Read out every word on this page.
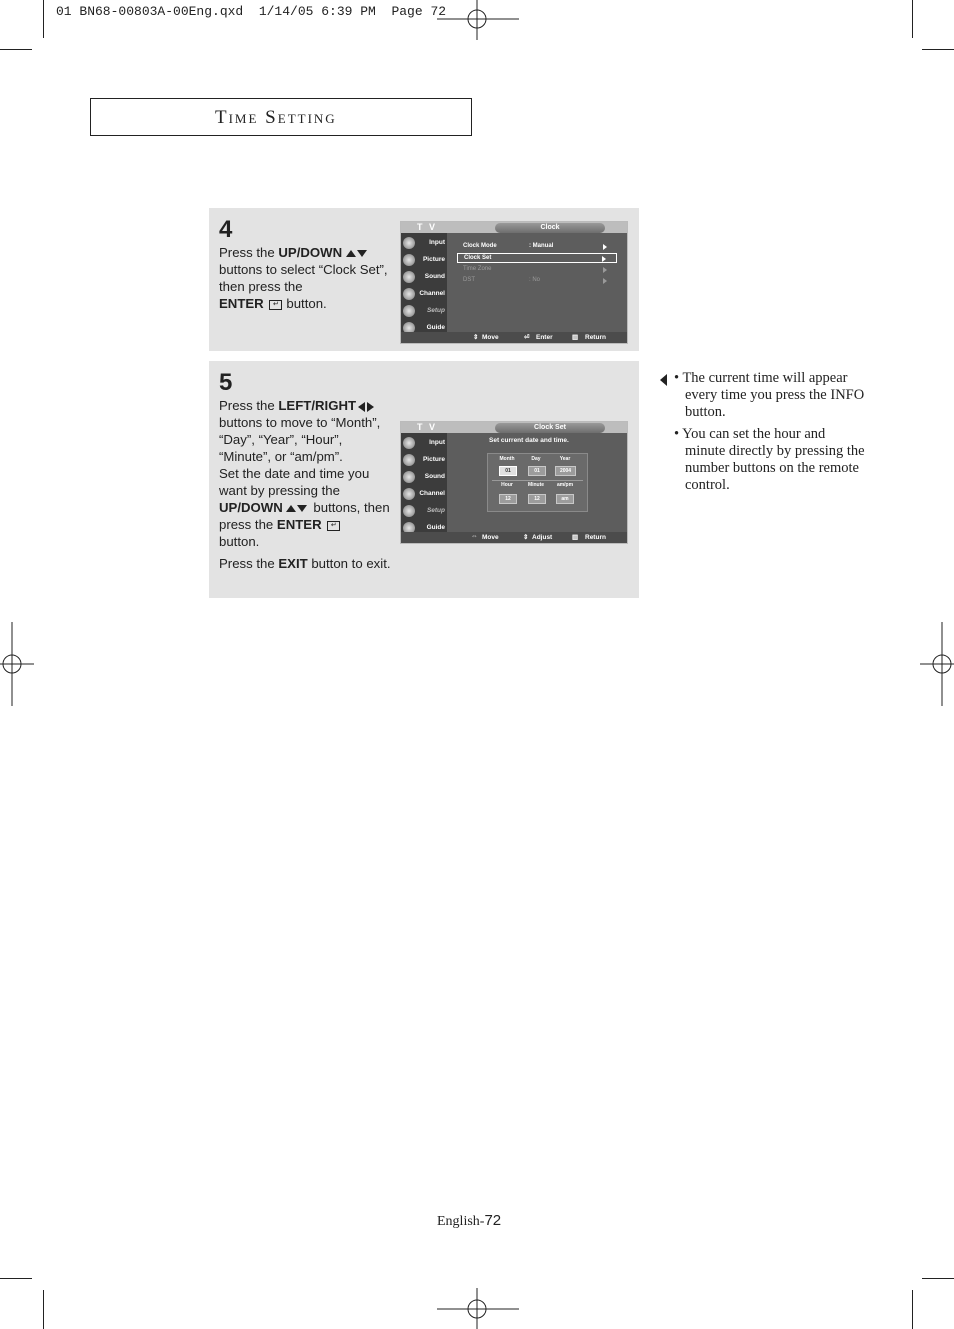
01 BN68-00803A-00Eng.qxd  1/14/05 6:39 PM  Page 72
Time Setting
4
Press the UP/DOWN
buttons to select “Clock Set”, then press the
ENTER ↵ button.
T V	Clock
Input
Picture
Sound
Channel
Setup
Guide
Clock Mode	: Manual
Clock Set
Time Zone
DST	: No
⇕ Move	⏎ Enter	▥ Return
5
Press the LEFT/RIGHT
buttons to move to “Month”, “Day”, “Year”, “Hour”, “Minute”, or “am/pm”.
Set the date and time you want by pressing the
UP/DOWN buttons, then press the ENTER ↵
button.
Press the EXIT button to exit.
T V	Clock Set
Input
Picture
Sound
Channel
Setup
Guide
Set current date and time.
Month	Day	Year
01	01	2004
Hour	Minute	am/pm
12	12	am
⇔ Move	⇕ Adjust	▥ Return
• The current time will appear every time you press the INFO button.
• You can set the hour and minute directly by pressing the number buttons on the remote control.
English-72
